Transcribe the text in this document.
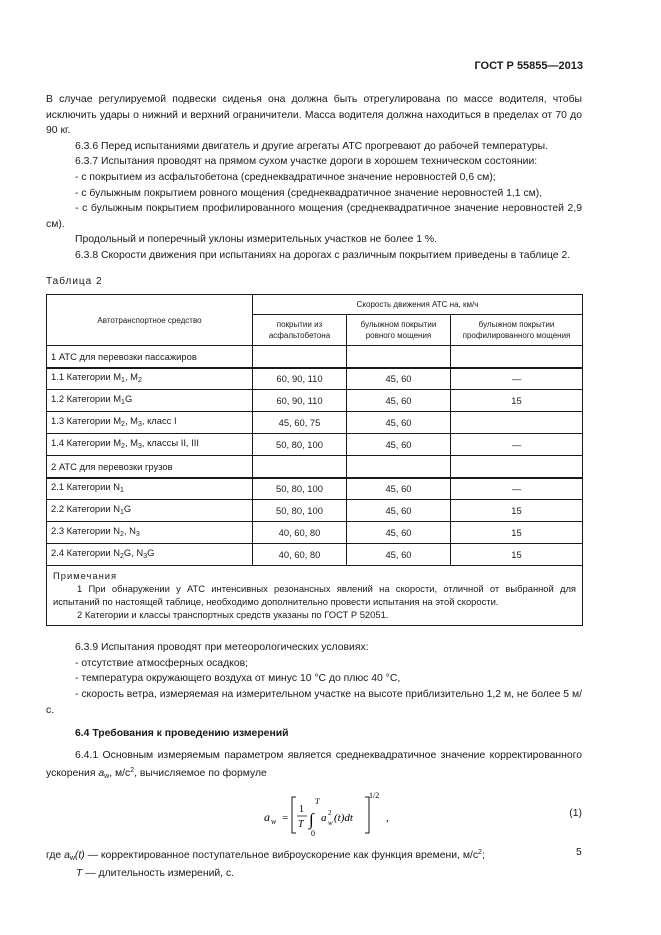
ГОСТ Р 55855—2013

В случае регулируемой подвески сиденья она должна быть отрегулирована по массе водителя, чтобы исключить удары о нижний и верхний ограничители. Масса водителя должна находиться в пределах от 70 до 90 кг.

6.3.6 Перед испытаниями двигатель и другие агрегаты АТС прогревают до рабочей температуры.

6.3.7 Испытания проводят на прямом сухом участке дороги в хорошем техническом состоянии:

- с покрытием из асфальтобетона (среднеквадратичное значение неровностей 0,6 см);

- с булыжным покрытием ровного мощения (среднеквадратичное значение неровностей 1,1 см),

- с булыжным покрытием профилированного мощения (среднеквадратичное значение неровностей 2,9 см).

Продольный и поперечный уклоны измерительных участков не более 1 %.

6.3.8 Скорости движения при испытаниях на дорогах с различным покрытием приведены в таблице 2.

Таблица 2
Автотранспортное средство	Скорость движения АТС на, км/ч		
	покрытии из асфальтобетона	булыжном покрытии ровного мощения	булыжном покрытии профилированного мощения
1 АТС для перевозки пассажиров			
1.1 Категории $M_1$, $M_2$	60, 90, 110	45, 60	—
1.2 Категории $M_1G$	60, 90, 110	45, 60	15
1.3 Категории $M_2$, $M_3$, класс I	45, 60, 75	45, 60	
1.4 Категории $M_2$, $M_3$, классы II, III	50, 80, 100	45, 60	—
2 АТС для перевозки грузов			
2.1 Категории $N_1$	50, 80, 100	45, 60	—
2.2 Категории $N_1G$	50, 80, 100	45, 60	15
2.3 Категории $N_2$, $N_3$	40, 60, 80	45, 60	15
2.4 Категории $N_2G$, $N_3G$	40, 60, 80	45, 60	15

Примечания

1 При обнаружении у АТС интенсивных резонансных явлений на скорости, отличной от выбранной для испытаний по настоящей таблице, необходимо дополнительно провести испытания на этой скорости.

2 Категории и классы транспортных средств указаны по ГОСТ Р 52051.			

6.3.9 Испытания проводят при метеорологических условиях:

- отсутствие атмосферных осадков;

- температура окружающего воздуха от минус 10 °С до плюс 40 °С,

- скорость ветра, измеряемая на измерительном участке на высоте приблизительно 1,2 м, не более 5 м/с.

6.4 Требования к проведению измерений

6.4.1 Основным измеряемым параметром является среднеквадратичное значение корректированного ускорения $a_w$, $м/с^2$, вычисляемое по формуле

a w =
1
T ∫
T
0
a 2
w (t)dt
1/2
,	(1)

где $a_w(t)$ — корректированное поступательное виброускорение как функция времени, $м/с^2$;

T — длительность измерений, с.

5
